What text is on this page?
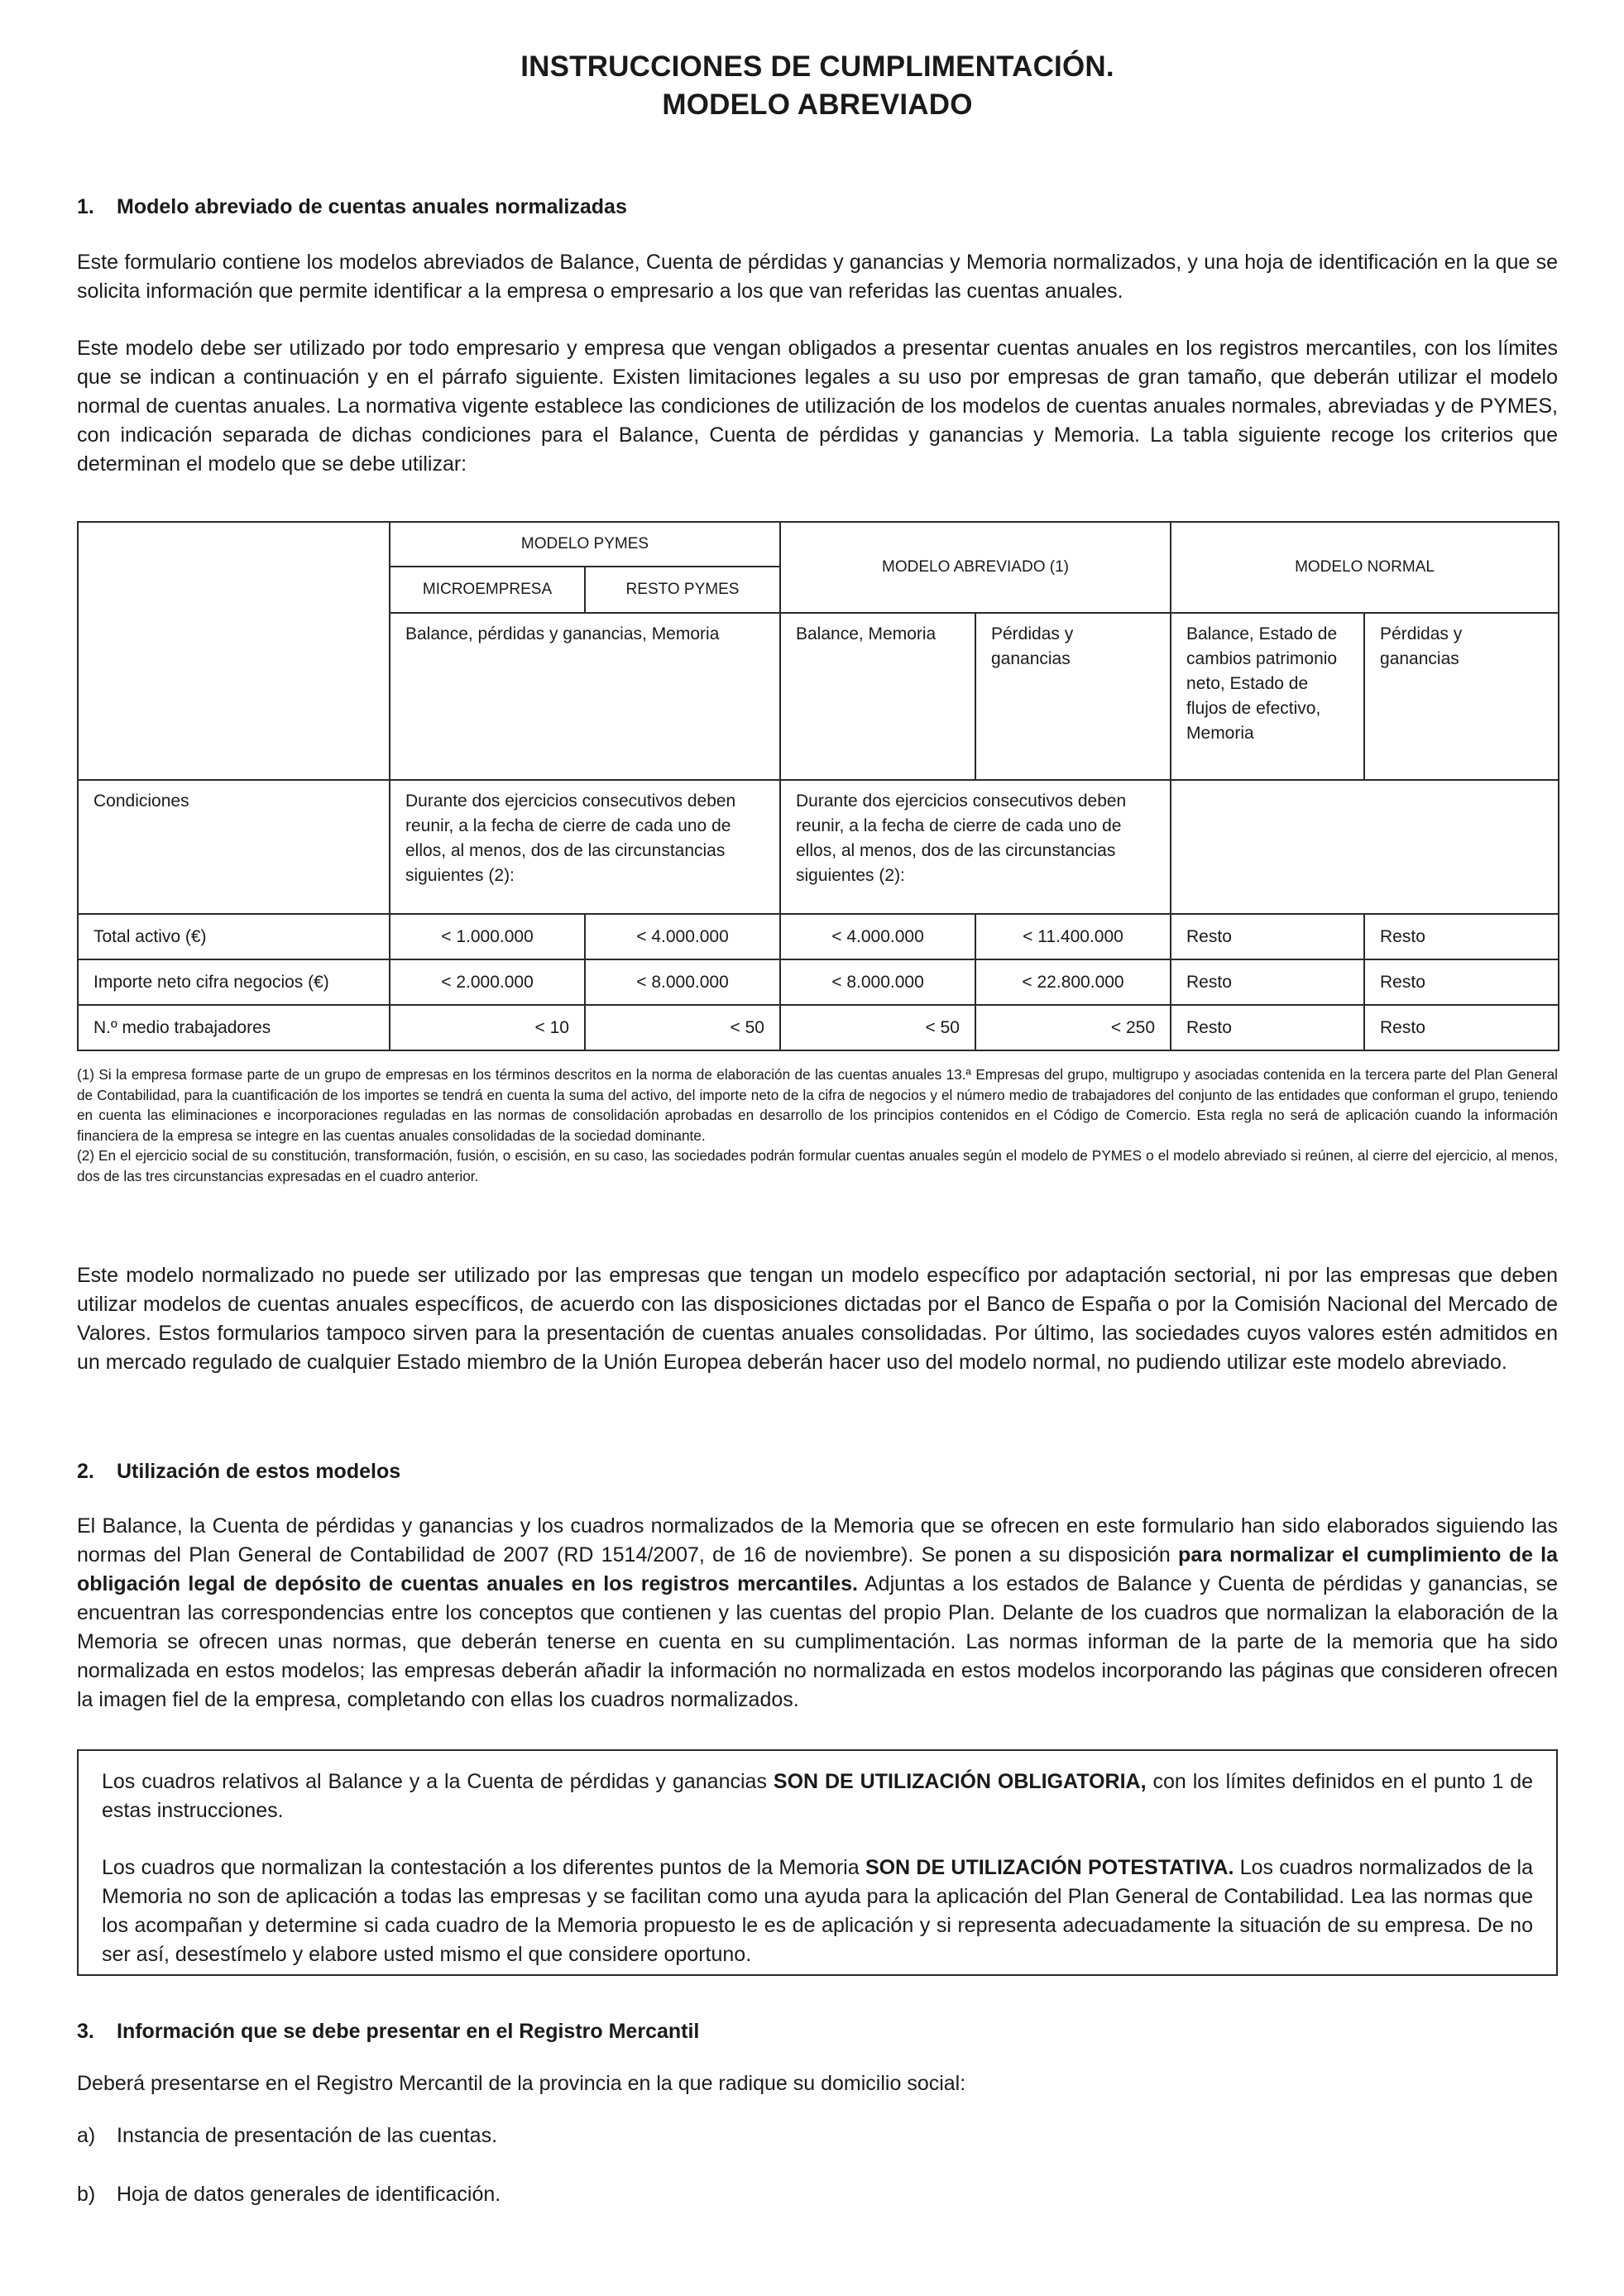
INSTRUCCIONES DE CUMPLIMENTACIÓN.
MODELO ABREVIADO
1. Modelo abreviado de cuentas anuales normalizadas

Este formulario contiene los modelos abreviados de Balance, Cuenta de pérdidas y ganancias y Memoria normalizados, y una hoja de identificación en la que se solicita información que permite identificar a la empresa o empresario a los que van referidas las cuentas anuales.

Este modelo debe ser utilizado por todo empresario y empresa que vengan obligados a presentar cuentas anuales en los registros mercantiles, con los límites que se indican a continuación y en el párrafo siguiente. Existen limitaciones legales a su uso por empresas de gran tamaño, que deberán utilizar el modelo normal de cuentas anuales. La normativa vigente establece las condiciones de utilización de los modelos de cuentas anuales normales, abreviadas y de PYMES, con indicación separada de dichas condiciones para el Balance, Cuenta de pérdidas y ganancias y Memoria. La tabla siguiente recoge los criterios que determinan el modelo que se debe utilizar:

	MODELO PYMES		MODELO ABREVIADO (1)		MODELO NORMAL	
	MICROEMPRESA	RESTO PYMES				
	Balance, pérdidas y ganancias, Memoria		Balance, Memoria	Pérdidas y ganancias	Balance, Estado de cambios patrimonio neto, Estado de flujos de efectivo, Memoria	Pérdidas y ganancias
Condiciones	Durante dos ejercicios consecutivos deben reunir, a la fecha de cierre de cada uno de ellos, al menos, dos de las circunstancias siguientes (2):		Durante dos ejercicios consecutivos deben reunir, a la fecha de cierre de cada uno de ellos, al menos, dos de las circunstancias siguientes (2):			
Total activo (€)	< 1.000.000	< 4.000.000	< 4.000.000	< 11.400.000	Resto	Resto
Importe neto cifra negocios (€)	< 2.000.000	< 8.000.000	< 8.000.000	< 22.800.000	Resto	Resto
N.º medio trabajadores	< 10	< 50	< 50	< 250	Resto	Resto
(1) Si la empresa formase parte de un grupo de empresas en los términos descritos en la norma de elaboración de las cuentas anuales 13.ª Empresas del grupo, multigrupo y asociadas contenida en la tercera parte del Plan General de Contabilidad, para la cuantificación de los importes se tendrá en cuenta la suma del activo, del importe neto de la cifra de negocios y el número medio de trabajadores del conjunto de las entidades que conforman el grupo, teniendo en cuenta las eliminaciones e incorporaciones reguladas en las normas de consolidación aprobadas en desarrollo de los principios contenidos en el Código de Comercio. Esta regla no será de aplicación cuando la información financiera de la empresa se integre en las cuentas anuales consolidadas de la sociedad dominante.
(2) En el ejercicio social de su constitución, transformación, fusión, o escisión, en su caso, las sociedades podrán formular cuentas anuales según el modelo de PYMES o el modelo abreviado si reúnen, al cierre del ejercicio, al menos, dos de las tres circunstancias expresadas en el cuadro anterior.

Este modelo normalizado no puede ser utilizado por las empresas que tengan un modelo específico por adaptación sectorial, ni por las empresas que deben utilizar modelos de cuentas anuales específicos, de acuerdo con las disposiciones dictadas por el Banco de España o por la Comisión Nacional del Mercado de Valores. Estos formularios tampoco sirven para la presentación de cuentas anuales consolidadas. Por último, las sociedades cuyos valores estén admitidos en un mercado regulado de cualquier Estado miembro de la Unión Europea deberán hacer uso del modelo normal, no pudiendo utilizar este modelo abreviado.

2. Utilización de estos modelos

El Balance, la Cuenta de pérdidas y ganancias y los cuadros normalizados de la Memoria que se ofrecen en este formulario han sido elaborados siguiendo las normas del Plan General de Contabilidad de 2007 (RD 1514/2007, de 16 de noviembre). Se ponen a su disposición para normalizar el cumplimiento de la obligación legal de depósito de cuentas anuales en los registros mercantiles. Adjuntas a los estados de Balance y Cuenta de pérdidas y ganancias, se encuentran las correspondencias entre los conceptos que contienen y las cuentas del propio Plan. Delante de los cuadros que normalizan la elaboración de la Memoria se ofrecen unas normas, que deberán tenerse en cuenta en su cumplimentación. Las normas informan de la parte de la memoria que ha sido normalizada en estos modelos; las empresas deberán añadir la información no normalizada en estos modelos incorporando las páginas que consideren ofrecen la imagen fiel de la empresa, completando con ellas los cuadros normalizados.

Los cuadros relativos al Balance y a la Cuenta de pérdidas y ganancias SON DE UTILIZACIÓN OBLIGATORIA, con los límites definidos en el punto 1 de estas instrucciones.

Los cuadros que normalizan la contestación a los diferentes puntos de la Memoria SON DE UTILIZACIÓN POTESTATIVA. Los cuadros normalizados de la Memoria no son de aplicación a todas las empresas y se facilitan como una ayuda para la aplicación del Plan General de Contabilidad. Lea las normas que los acompañan y determine si cada cuadro de la Memoria propuesto le es de aplicación y si representa adecuadamente la situación de su empresa. De no ser así, desestímelo y elabore usted mismo el que considere oportuno.

3. Información que se debe presentar en el Registro Mercantil

Deberá presentarse en el Registro Mercantil de la provincia en la que radique su domicilio social:

a) Instancia de presentación de las cuentas.
b) Hoja de datos generales de identificación.
